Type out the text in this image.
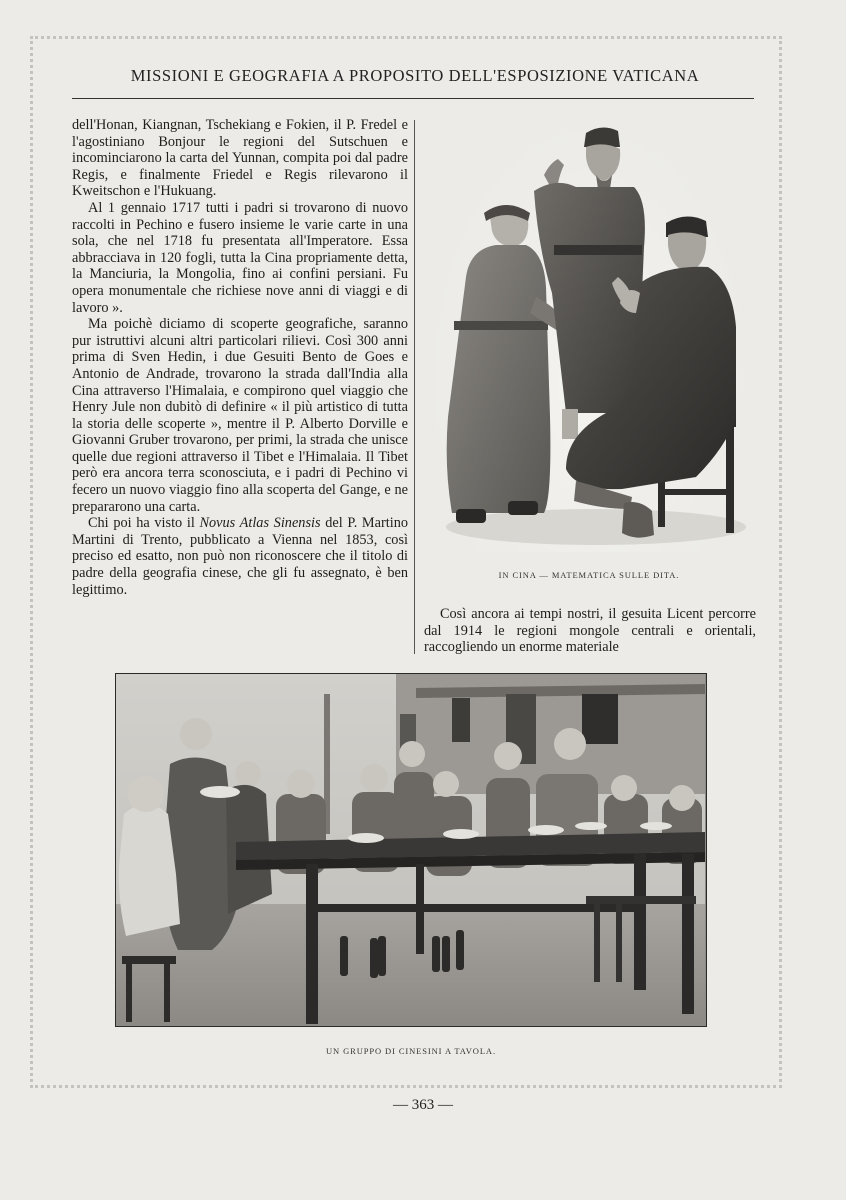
MISSIONI E GEOGRAFIA A PROPOSITO DELL'ESPOSIZIONE VATICANA

dell'Honan, Kiangnan, Tschekiang e Fokien, il P. Fredel e l'agostiniano Bonjour le regioni del Sutschuen e incominciarono la carta del Yunnan, compita poi dal padre Regis, e finalmente Friedel e Regis rilevarono il Kweitschon e l'Hukuang.

Al 1 gennaio 1717 tutti i padri si trovarono di nuovo raccolti in Pechino e fusero insieme le varie carte in una sola, che nel 1718 fu presentata all'Imperatore. Essa abbracciava in 120 fogli, tutta la Cina propriamente detta, la Manciuria, la Mongolia, fino ai confini persiani. Fu opera monumentale che richiese nove anni di viaggi e di lavoro ».

Ma poichè diciamo di scoperte geografiche, saranno pur istruttivi alcuni altri particolari rilievi. Così 300 anni prima di Sven Hedin, i due Gesuiti Bento de Goes e Antonio de Andrade, trovarono la strada dall'India alla Cina attraverso l'Himalaia, e compirono quel viaggio che Henry Jule non dubitò di definire « il più artistico di tutta la storia delle scoperte », mentre il P. Alberto Dorville e Giovanni Gruber trovarono, per primi, la strada che unisce quelle due regioni attraverso il Tibet e l'Himalaia. Il Tibet però era ancora terra sconosciuta, e i padri di Pechino vi fecero un nuovo viaggio fino alla scoperta del Gange, e ne prepararono una carta.

Chi poi ha visto il Novus Atlas Sinensis del P. Martino Martini di Trento, pubblicato a Vienna nel 1853, così preciso ed esatto, non può non riconoscere che il titolo di padre della geografia cinese, che gli fu assegnato, è ben legittimo.

IN CINA — MATEMATICA SULLE DITA.
Così ancora ai tempi nostri, il gesuita Licent percorre dal 1914 le regioni mongole centrali e orientali, raccogliendo un enorme materiale
UN GRUPPO DI CINESINI A TAVOLA.
— 363 —
